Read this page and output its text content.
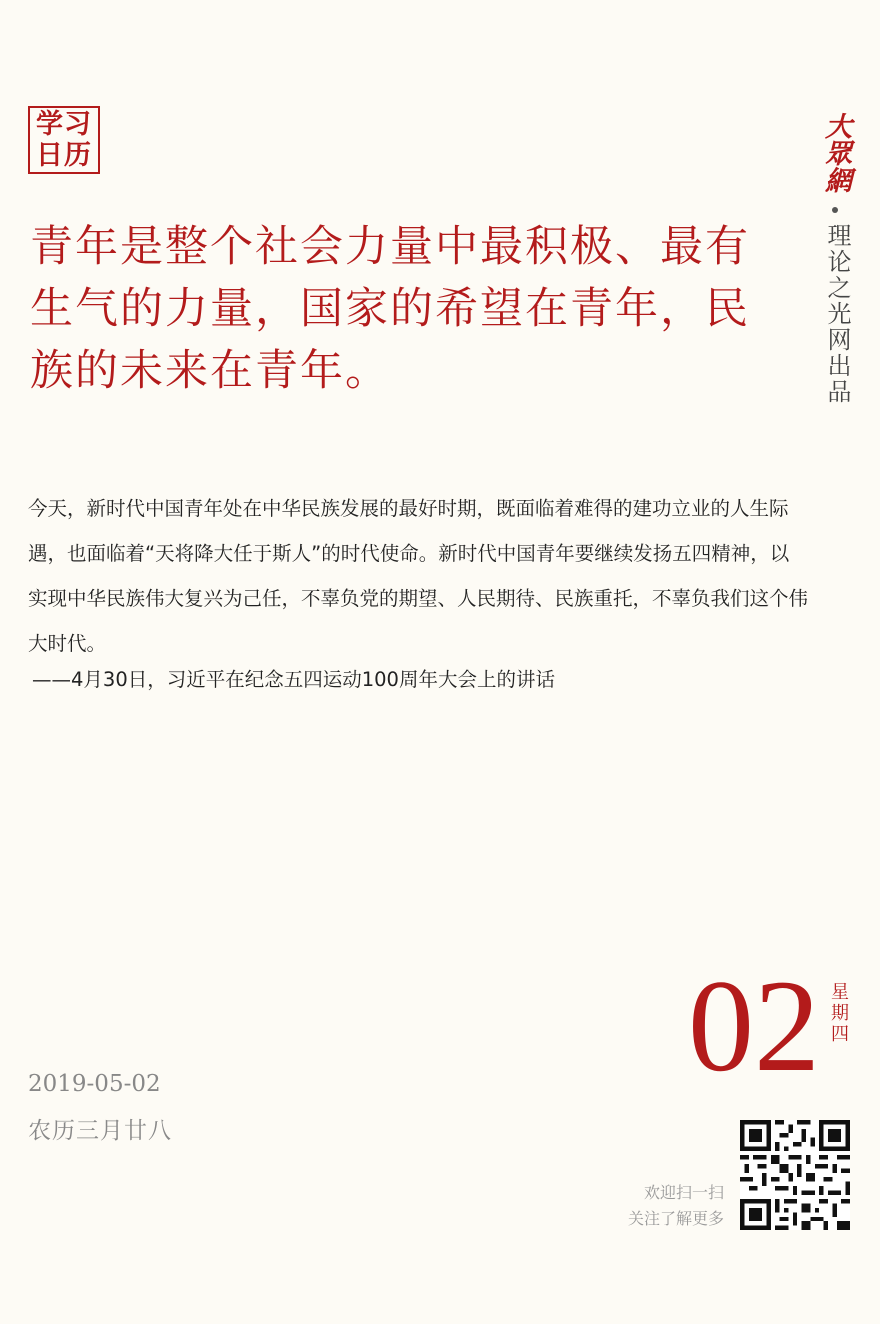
学习
日历
青年是整个社会力量中最积极、最有生气的力量，国家的希望在青年，民族的未来在青年。
大眾網
理论之光网出品
今天，新时代中国青年处在中华民族发展的最好时期，既面临着难得的建功立业的人生际遇，也面临着“天将降大任于斯人”的时代使命。新时代中国青年要继续发扬五四精神，以实现中华民族伟大复兴为己任，不辜负党的期望、人民期待、民族重托，不辜负我们这个伟大时代。
——4月30日，习近平在纪念五四运动100周年大会上的讲话
02 星期四
2019-05-02
农历三月廿八
欢迎扫一扫
关注了解更多
